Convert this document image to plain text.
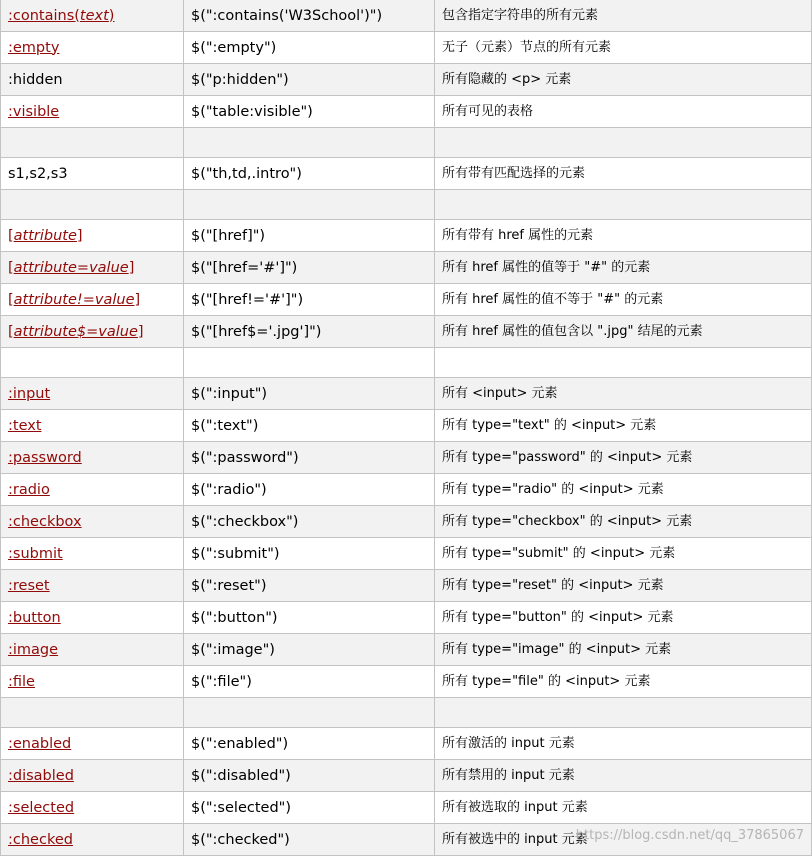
:contains(text)	$(":contains('W3School')")	包含指定字符串的所有元素
:empty	$(":empty")	无子（元素）节点的所有元素
:hidden	$("p:hidden")	所有隐藏的 <p> 元素
:visible	$("table:visible")	所有可见的表格

s1,s2,s3	$("th,td,.intro")	所有带有匹配选择的元素

[attribute]	$("[href]")	所有带有 href 属性的元素
[attribute=value]	$("[href='#']")	所有 href 属性的值等于 "#" 的元素
[attribute!=value]	$("[href!='#']")	所有 href 属性的值不等于 "#" 的元素
[attribute$=value]	$("[href$='.jpg']")	所有 href 属性的值包含以 ".jpg" 结尾的元素

:input	$(":input")	所有 <input> 元素
:text	$(":text")	所有 type="text" 的 <input> 元素
:password	$(":password")	所有 type="password" 的 <input> 元素
:radio	$(":radio")	所有 type="radio" 的 <input> 元素
:checkbox	$(":checkbox")	所有 type="checkbox" 的 <input> 元素
:submit	$(":submit")	所有 type="submit" 的 <input> 元素
:reset	$(":reset")	所有 type="reset" 的 <input> 元素
:button	$(":button")	所有 type="button" 的 <input> 元素
:image	$(":image")	所有 type="image" 的 <input> 元素
:file	$(":file")	所有 type="file" 的 <input> 元素

:enabled	$(":enabled")	所有激活的 input 元素
:disabled	$(":disabled")	所有禁用的 input 元素
:selected	$(":selected")	所有被选取的 input 元素
:checked	$(":checked")	所有被选中的 input 元素
https://blog.csdn.net/qq_37865067
